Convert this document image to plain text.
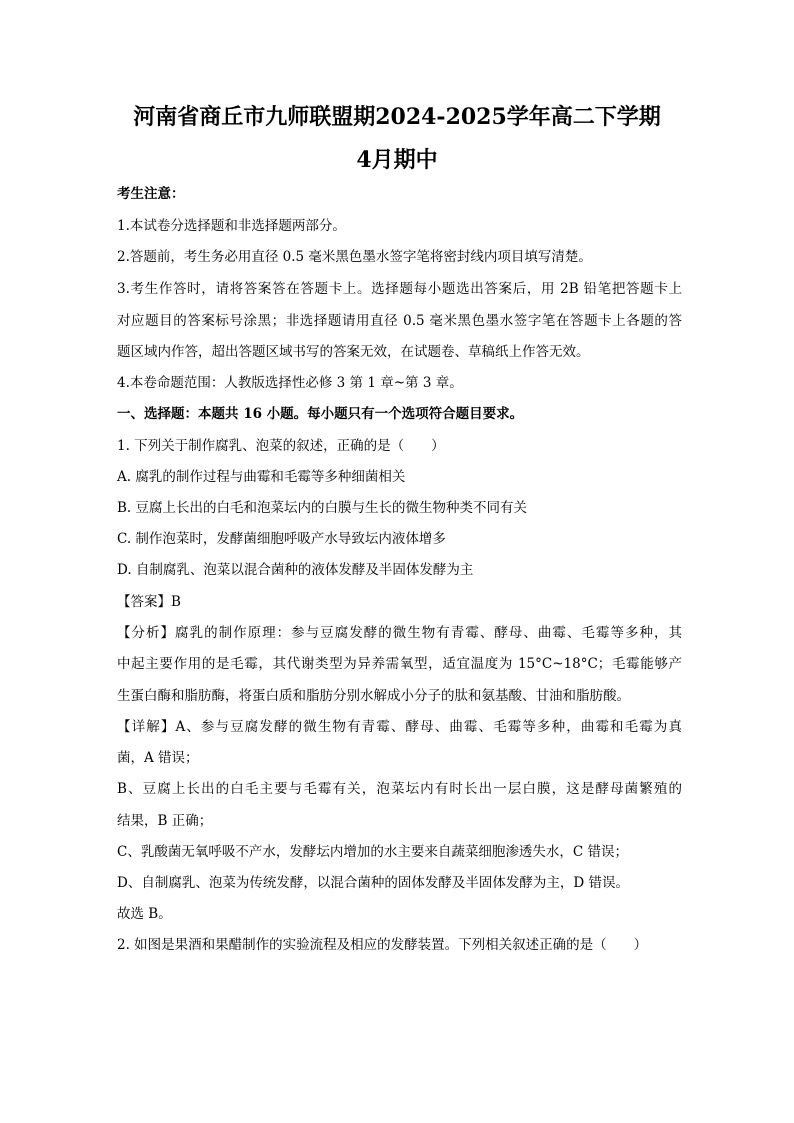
河南省商丘市九师联盟期2024-2025学年高二下学期
4月期中
考生注意：
1.本试卷分选择题和非选择题两部分。
2.答题前，考生务必用直径 0.5 毫米黑色墨水签字笔将密封线内项目填写清楚。
3.考生作答时，请将答案答在答题卡上。选择题每小题选出答案后，用 2B 铅笔把答题卡上
对应题目的答案标号涂黑；非选择题请用直径 0.5 毫米黑色墨水签字笔在答题卡上各题的答
题区域内作答，超出答题区域书写的答案无效，在试题卷、草稿纸上作答无效。
4.本卷命题范围：人教版选择性必修 3 第 1 章~第 3 章。
一、选择题：本题共 16 小题。每小题只有一个选项符合题目要求。
1. 下列关于制作腐乳、泡菜的叙述，正确的是（　　）
A. 腐乳的制作过程与曲霉和毛霉等多种细菌相关
B. 豆腐上长出的白毛和泡菜坛内的白膜与生长的微生物种类不同有关
C. 制作泡菜时，发酵菌细胞呼吸产水导致坛内液体增多
D. 自制腐乳、泡菜以混合菌种的液体发酵及半固体发酵为主
【答案】B
【分析】腐乳的制作原理：参与豆腐发酵的微生物有青霉、酵母、曲霉、毛霉等多种，其
中起主要作用的是毛霉，其代谢类型为异养需氧型，适宜温度为 15°C~18°C；毛霉能够产
生蛋白酶和脂肪酶，将蛋白质和脂肪分别水解成小分子的肽和氨基酸、甘油和脂肪酸。
【详解】A、参与豆腐发酵的微生物有青霉、酵母、曲霉、毛霉等多种，曲霉和毛霉为真
菌，A 错误；
B、豆腐上长出的白毛主要与毛霉有关，泡菜坛内有时长出一层白膜，这是酵母菌繁殖的
结果，B 正确；
C、乳酸菌无氧呼吸不产水，发酵坛内增加的水主要来自蔬菜细胞渗透失水，C 错误；
D、自制腐乳、泡菜为传统发酵，以混合菌种的固体发酵及半固体发酵为主，D 错误。
故选 B。
2. 如图是果酒和果醋制作的实验流程及相应的发酵装置。下列相关叙述正确的是（　　）
